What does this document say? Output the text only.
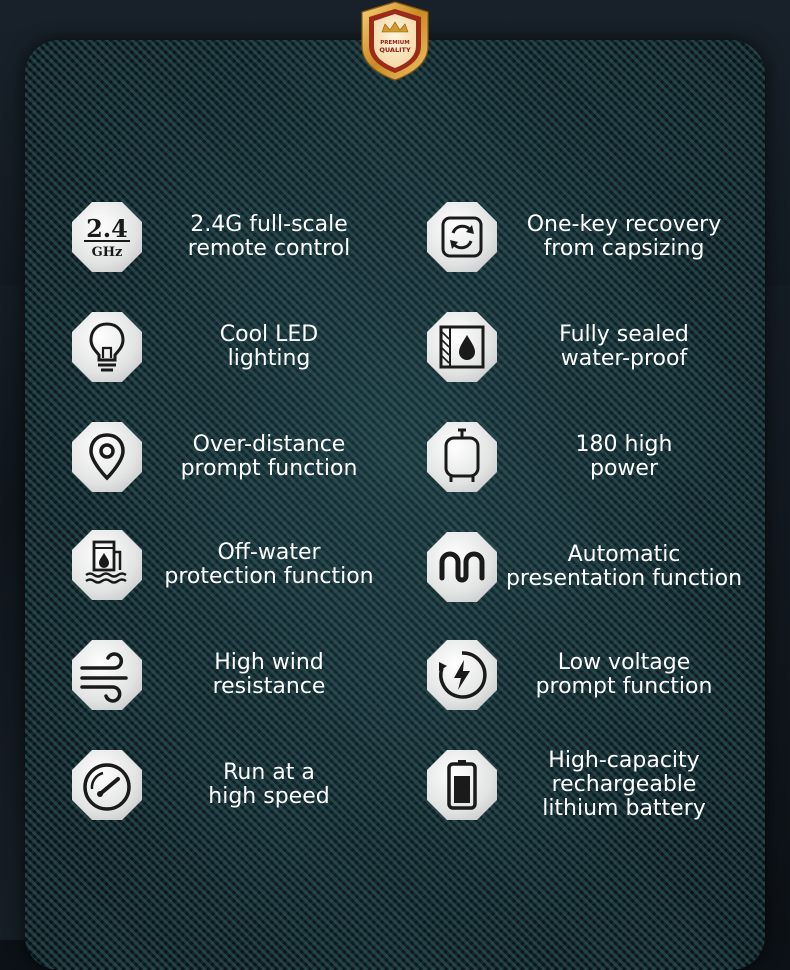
PREMIUM
QUALITY
2.4
GHz
2.4G full-scale
remote control
One-key recovery
from capsizing
Cool LED
lighting
Fully sealed
water-proof
Over-distance
prompt function
180 high
power
Off-water
protection function
Automatic
presentation function
High wind
resistance
Low voltage
prompt function
Run at a
high speed
High-capacity
rechargeable
lithium battery
